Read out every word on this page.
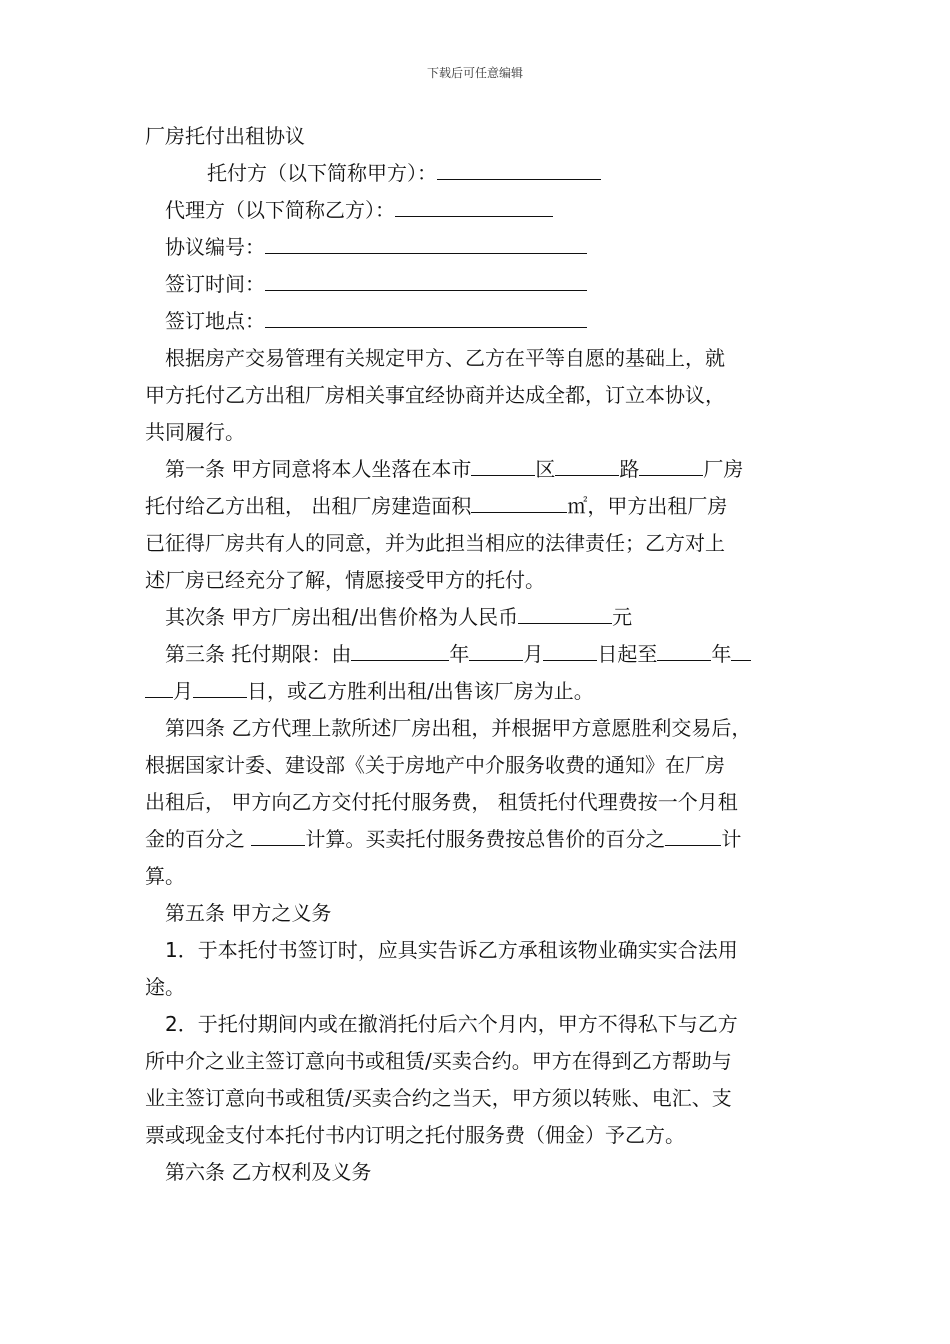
下载后可任意编辑
厂房托付出租协议
托付方（以下简称甲方）：
代理方（以下简称乙方）：
协议编号：
签订时间：
签订地点：
根据房产交易管理有关规定甲方、乙方在平等自愿的基础上，就
甲方托付乙方出租厂房相关事宜经协商并达成全都，订立本协议，
共同履行。
第一条 甲方同意将本人坐落在本市	区	路	厂房
托付给乙方出租， 出租厂房建造面积	㎡，甲方出租厂房
已征得厂房共有人的同意，并为此担当相应的法律责任；乙方对上
述厂房已经充分了解，情愿接受甲方的托付。
其次条 甲方厂房出租/出售价格为人民币	元
第三条 托付期限：由	年	月	日起至	年
月	日，或乙方胜利出租/出售该厂房为止。
第四条 乙方代理上款所述厂房出租，并根据甲方意愿胜利交易后，
根据国家计委、建设部《关于房地产中介服务收费的通知》在厂房
出租后， 甲方向乙方交付托付服务费， 租赁托付代理费按一个月租
金的百分之	计算。买卖托付服务费按总售价的百分之	计
算。
第五条 甲方之义务
1．于本托付书签订时，应具实告诉乙方承租该物业确实实合法用
途。
2．于托付期间内或在撤消托付后六个月内，甲方不得私下与乙方
所中介之业主签订意向书或租赁/买卖合约。甲方在得到乙方帮助与
业主签订意向书或租赁/买卖合约之当天，甲方须以转账、电汇、支
票或现金支付本托付书内订明之托付服务费（佣金）予乙方。
第六条 乙方权利及义务
